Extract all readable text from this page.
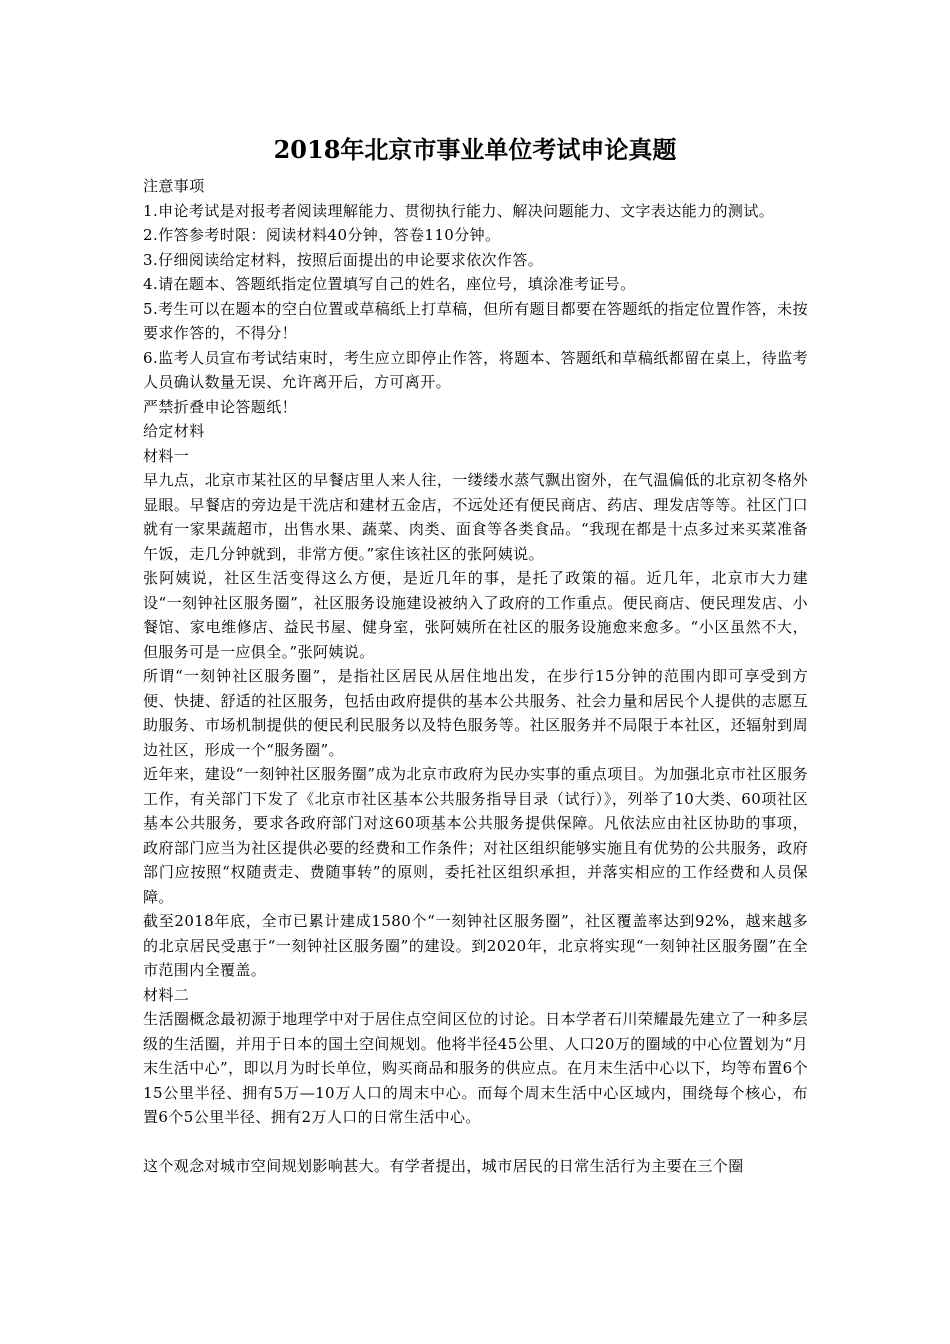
2018年北京市事业单位考试申论真题

注意事项

1.申论考试是对报考者阅读理解能力、贯彻执行能力、解决问题能力、文字表达能力的测试。

2.作答参考时限：阅读材料40分钟，答卷110分钟。

3.仔细阅读给定材料，按照后面提出的申论要求依次作答。

4.请在题本、答题纸指定位置填写自己的姓名，座位号，填涂准考证号。

5.考生可以在题本的空白位置或草稿纸上打草稿，但所有题目都要在答题纸的指定位置作答，未按要求作答的，不得分！

6.监考人员宣布考试结束时，考生应立即停止作答，将题本、答题纸和草稿纸都留在桌上，待监考人员确认数量无误、允许离开后，方可离开。

严禁折叠申论答题纸！

给定材料

材料一

早九点，北京市某社区的早餐店里人来人往，一缕缕水蒸气飘出窗外，在气温偏低的北京初冬格外显眼。早餐店的旁边是干洗店和建材五金店，不远处还有便民商店、药店、理发店等等。社区门口就有一家果蔬超市，出售水果、蔬菜、肉类、面食等各类食品。“我现在都是十点多过来买菜准备午饭，走几分钟就到，非常方便。”家住该社区的张阿姨说。

张阿姨说，社区生活变得这么方便，是近几年的事，是托了政策的福。近几年，北京市大力建设“一刻钟社区服务圈”，社区服务设施建设被纳入了政府的工作重点。便民商店、便民理发店、小餐馆、家电维修店、益民书屋、健身室，张阿姨所在社区的服务设施愈来愈多。“小区虽然不大，但服务可是一应俱全。”张阿姨说。

所谓“一刻钟社区服务圈”，是指社区居民从居住地出发，在步行15分钟的范围内即可享受到方便、快捷、舒适的社区服务，包括由政府提供的基本公共服务、社会力量和居民个人提供的志愿互助服务、市场机制提供的便民利民服务以及特色服务等。社区服务并不局限于本社区，还辐射到周边社区，形成一个“服务圈”。

近年来，建设“一刻钟社区服务圈”成为北京市政府为民办实事的重点项目。为加强北京市社区服务工作，有关部门下发了《北京市社区基本公共服务指导目录（试行）》，列举了10大类、60项社区基本公共服务，要求各政府部门对这60项基本公共服务提供保障。凡依法应由社区协助的事项，政府部门应当为社区提供必要的经费和工作条件；对社区组织能够实施且有优势的公共服务，政府部门应按照“权随责走、费随事转”的原则，委托社区组织承担，并落实相应的工作经费和人员保障。

截至2018年底，全市已累计建成1580个“一刻钟社区服务圈”，社区覆盖率达到92%，越来越多的北京居民受惠于“一刻钟社区服务圈”的建设。到2020年，北京将实现“一刻钟社区服务圈”在全市范围内全覆盖。

材料二

生活圈概念最初源于地理学中对于居住点空间区位的讨论。日本学者石川荣耀最先建立了一种多层级的生活圈，并用于日本的国土空间规划。他将半径45公里、人口20万的圈域的中心位置划为“月末生活中心”，即以月为时长单位，购买商品和服务的供应点。在月末生活中心以下，均等布置6个15公里半径、拥有5万—10万人口的周末中心。而每个周末生活中心区域内，围绕每个核心，布置6个5公里半径、拥有2万人口的日常生活中心。

这个观念对城市空间规划影响甚大。有学者提出，城市居民的日常生活行为主要在三个圈
